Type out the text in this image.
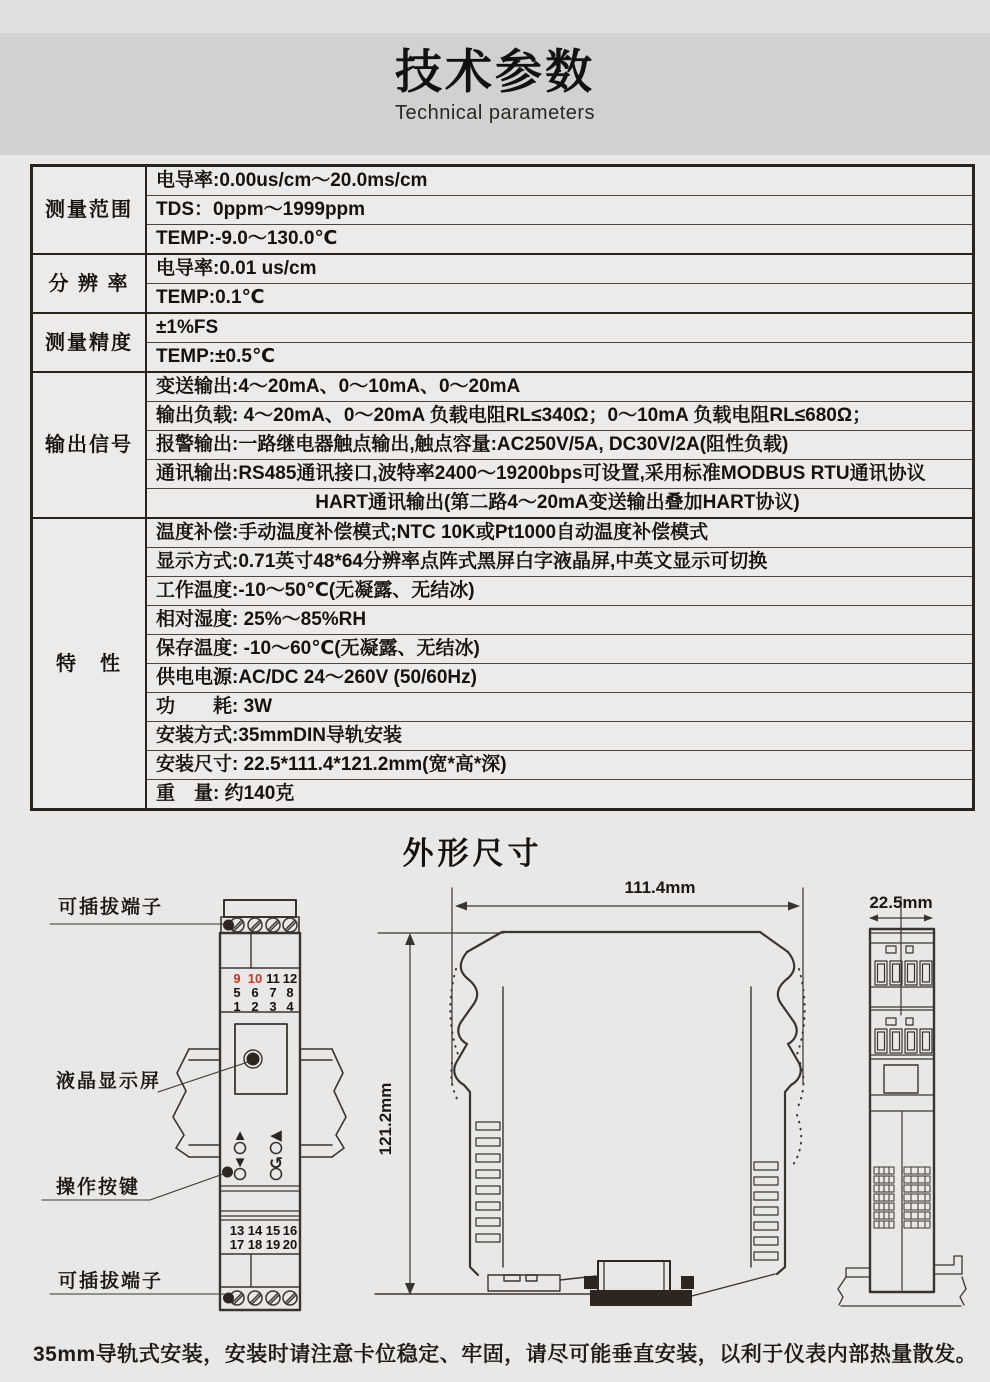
技术参数
Technical parameters
测量范围	电导率:0.00us/cm～20.0ms/cm
	TDS：0ppm～1999ppm
	TEMP:-9.0～130.0℃
分 辨 率	电导率:0.01 us/cm
	TEMP:0.1℃
测量精度	±1%FS
	TEMP:±0.5℃
输出信号	变送输出:4～20mA、0～10mA、0～20mA
	输出负载: 4～20mA、0～20mA 负载电阻RL≤340Ω；0～10mA 负载电阻RL≤680Ω；
	报警输出:一路继电器触点输出,触点容量:AC250V/5A, DC30V/2A(阻性负载)
	通讯输出:RS485通讯接口,波特率2400～19200bps可设置,采用标准MODBUS RTU通讯协议
	HART通讯输出(第二路4～20mA变送输出叠加HART协议)
特　性	温度补偿:手动温度补偿模式;NTC 10K或Pt1000自动温度补偿模式
	显示方式:0.71英寸48*64分辨率点阵式黑屏白字液晶屏,中英文显示可切换
	工作温度:-10～50℃(无凝露、无结冰)
	相对湿度: 25%～85%RH
	保存温度: -10～60℃(无凝露、无结冰)
	供电电源:AC/DC 24～260V (50/60Hz)
	功　　耗: 3W
	安装方式:35mmDIN导轨安装
	安装尺寸: 22.5*111.4*121.2mm(宽*高*深)
	重　量: 约140克
外形尺寸
9 10 11 12
5 6 7 8
1 2 3 4
▲ ◀
▼ ↺
13 14 15 16
17 18 19 20
可插拔端子
液晶显示屏
操作按键
可插拔端子
111.4mm
121.2mm
22.5mm
35mm导轨式安装，安装时请注意卡位稳定、牢固，请尽可能垂直安装，以利于仪表内部热量散发。
